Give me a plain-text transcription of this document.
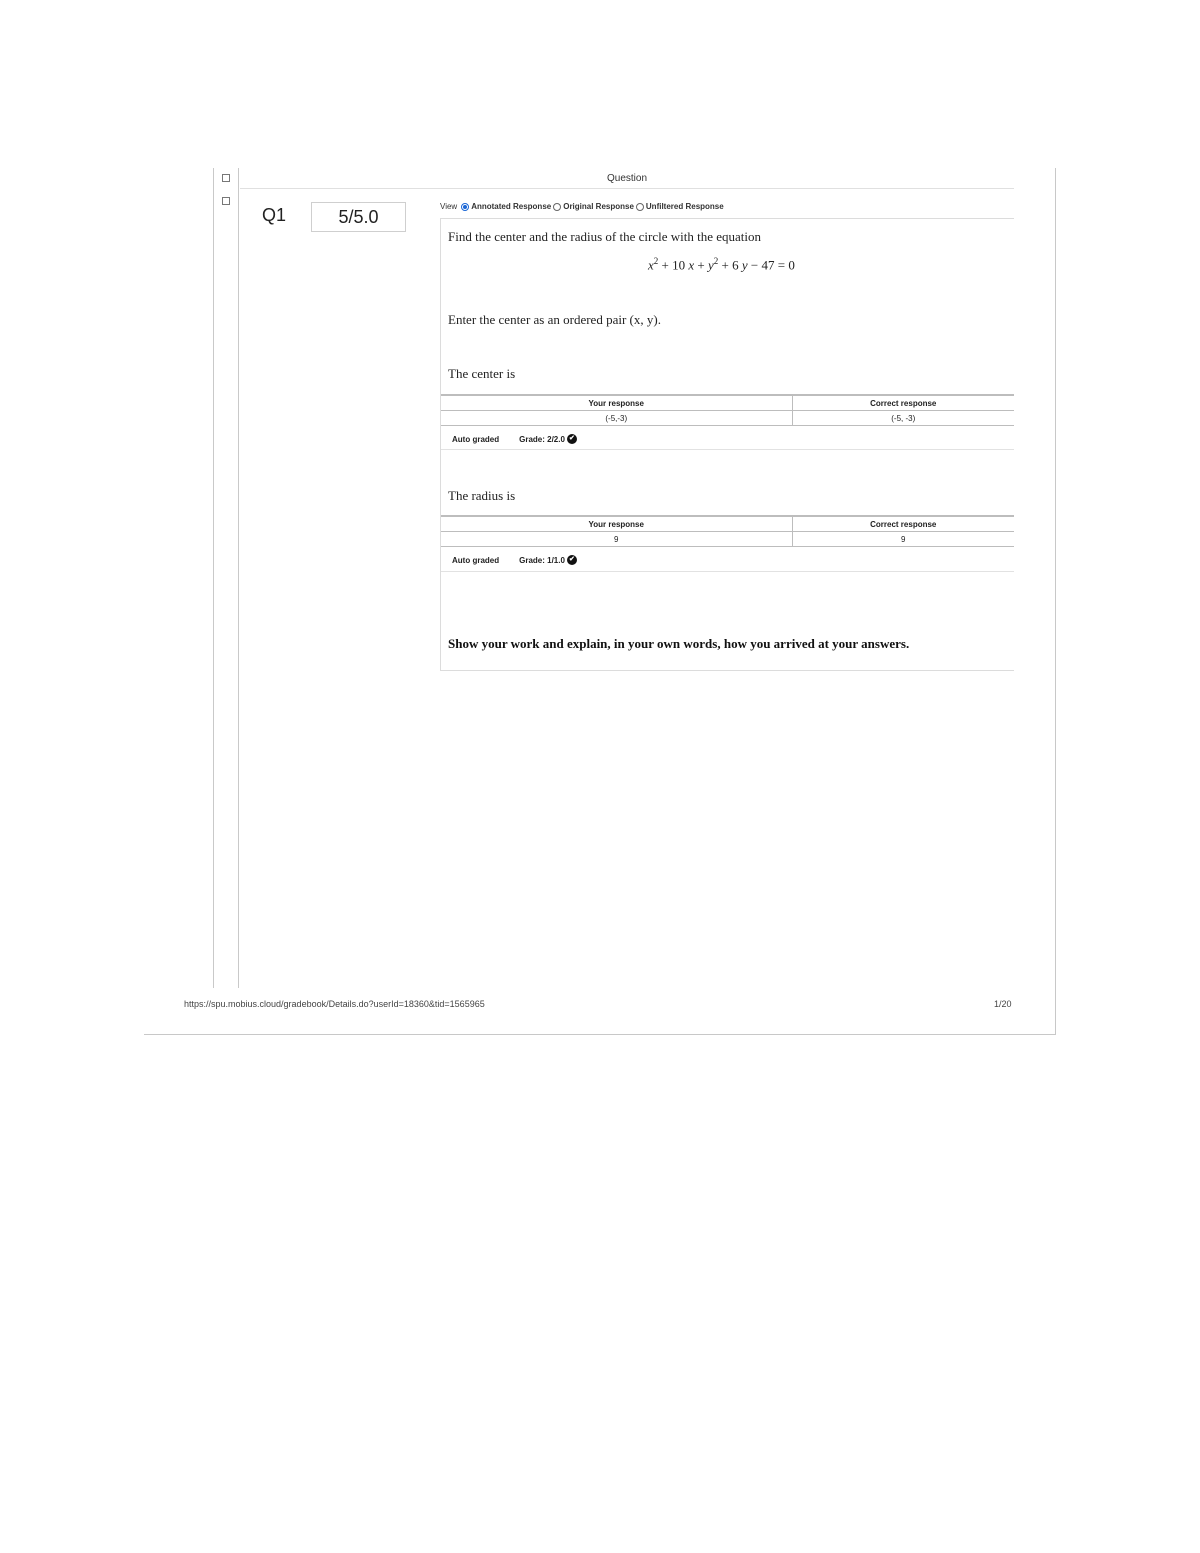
Question
Q1	5/5.0
View Annotated Response Original Response Unfiltered Response
Find the center and the radius of the circle with the equation
$x^2 + 10$ $x + y^2 + 6$ y − 47 = 0
Enter the center as an ordered pair (x, y).
The center is
Your response	Correct response
(-5,-3)	(-5, -3)
Auto graded	Grade: 2/2.0 ✔
The radius is
Your response	Correct response
9	9
Auto graded	Grade: 1/1.0 ✔
Show your work and explain, in your own words, how you arrived at your answers.
https://spu.mobius.cloud/gradebook/Details.do?userId=18360&tid=1565965	1/20
